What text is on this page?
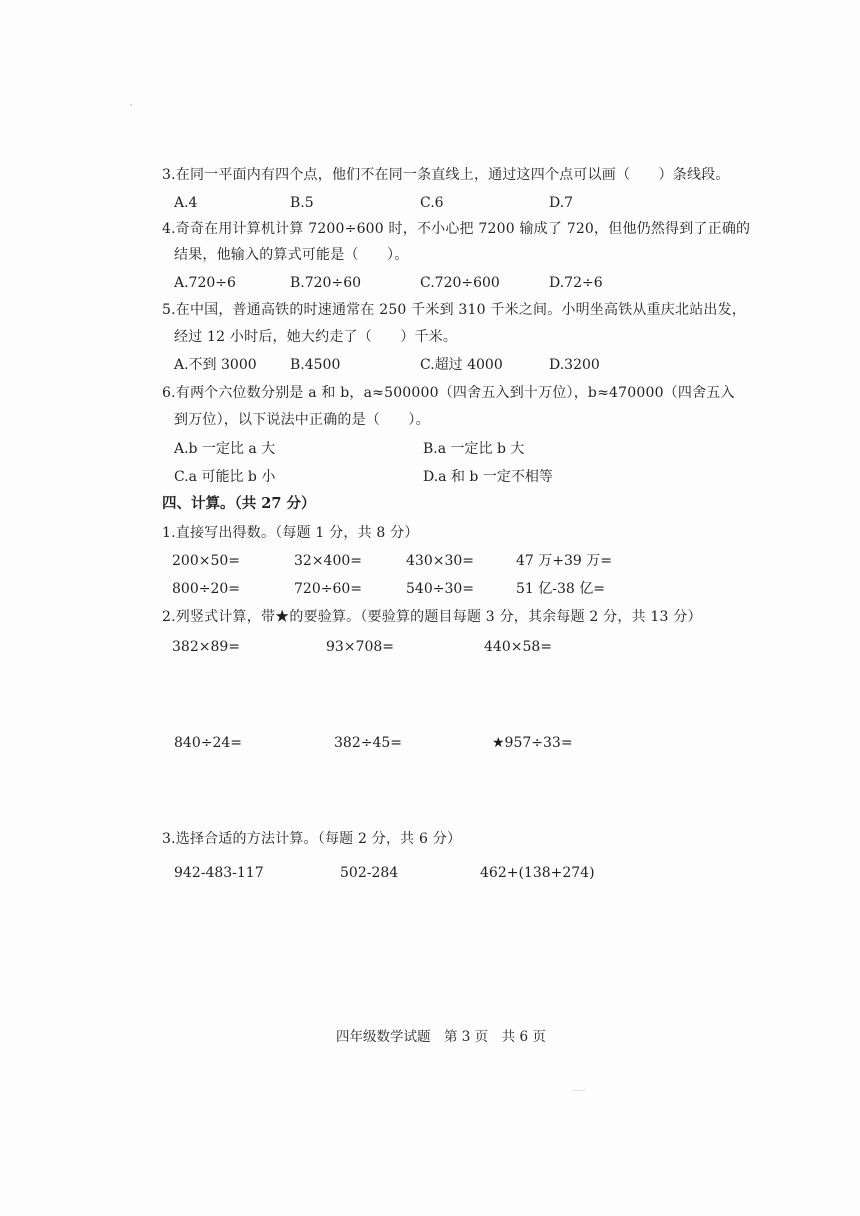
3.在同一平面内有四个点，他们不在同一条直线上，通过这四个点可以画（　　）条线段。
A.4	B.5	C.6	D.7
4.奇奇在用计算机计算 7200÷600 时，不小心把 7200 输成了 720，但他仍然得到了正确的
结果，他输入的算式可能是（　　）。
A.720÷6	B.720÷60	C.720÷600	D.72÷6
5.在中国，普通高铁的时速通常在 250 千米到 310 千米之间。小明坐高铁从重庆北站出发，
经过 12 小时后，她大约走了（　　）千米。
A.不到 3000 B.4500	C.超过 4000	D.3200
6.有两个六位数分别是 a 和 b，a≈500000（四舍五入到十万位），b≈470000（四舍五入
到万位），以下说法中正确的是（　　）。
A.b 一定比 a 大	B.a 一定比 b 大
C.a 可能比 b 小	D.a 和 b 一定不相等
四、计算。（共 27 分）
1.直接写出得数。（每题 1 分，共 8 分）
200×50=	32×400=	430×30=	47 万+39 万=
800÷20=	720÷60=	540÷30=	51 亿-38 亿=
2.列竖式计算，带★的要验算。（要验算的题目每题 3 分，其余每题 2 分，共 13 分）
382×89=	93×708=	440×58=
840÷24=	382÷45=	★957÷33=
3.选择合适的方法计算。（每题 2 分，共 6 分）
942-483-117	502-284	462+(138+274)
四年级数学试题　第 3 页　共 6 页
